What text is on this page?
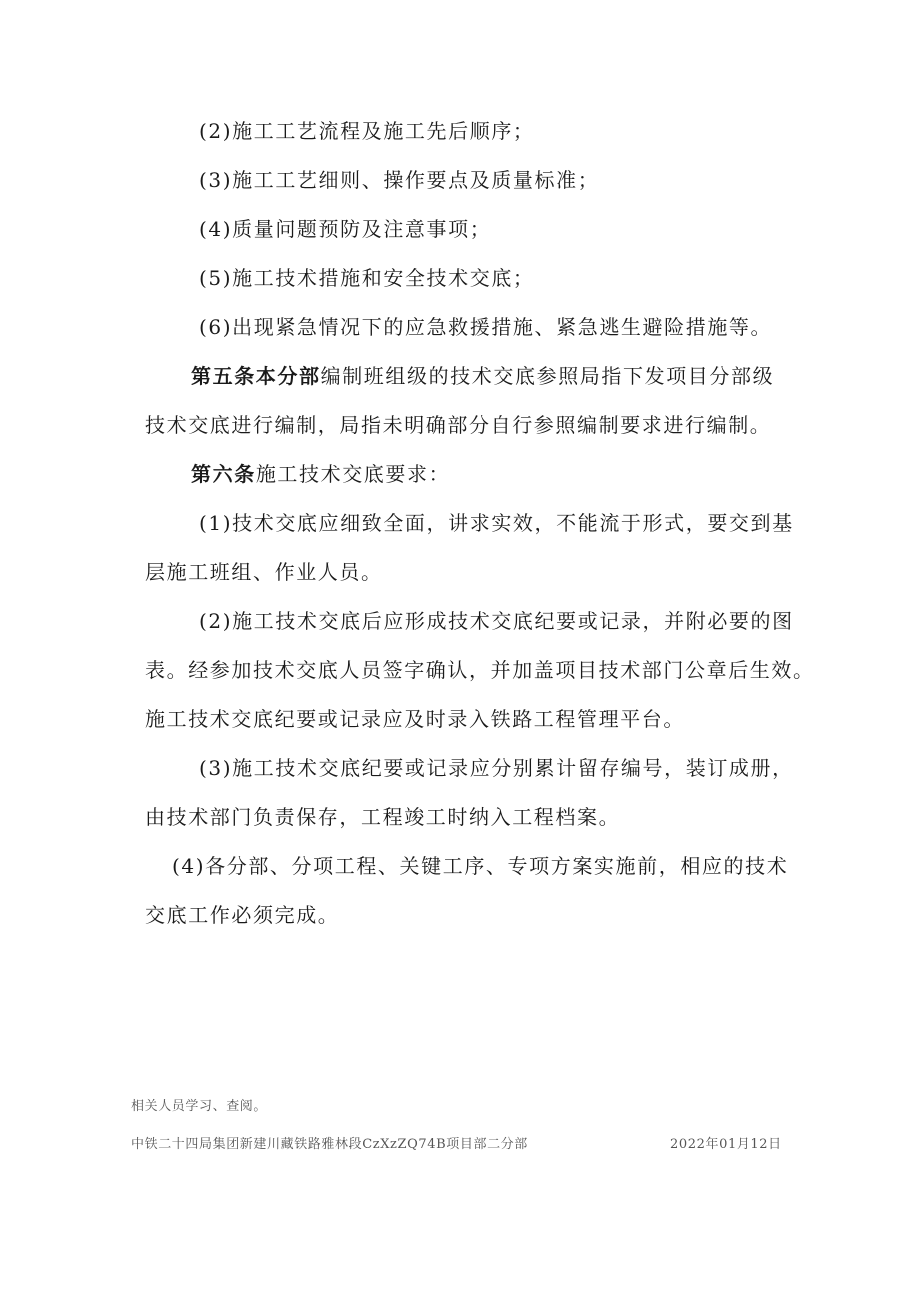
(2)施工工艺流程及施工先后顺序；
(3)施工工艺细则、操作要点及质量标准；
(4)质量问题预防及注意事项；
(5)施工技术措施和安全技术交底；
(6)出现紧急情况下的应急救援措施、紧急逃生避险措施等。
第五条本分部编制班组级的技术交底参照局指下发项目分部级
技术交底进行编制，局指未明确部分自行参照编制要求进行编制。
第六条施工技术交底要求：
(1)技术交底应细致全面，讲求实效，不能流于形式，要交到基
层施工班组、作业人员。
(2)施工技术交底后应形成技术交底纪要或记录，并附必要的图
表。经参加技术交底人员签字确认，并加盖项目技术部门公章后生效。
施工技术交底纪要或记录应及时录入铁路工程管理平台。
(3)施工技术交底纪要或记录应分别累计留存编号，装订成册，
由技术部门负责保存，工程竣工时纳入工程档案。
(4)各分部、分项工程、关键工序、专项方案实施前，相应的技术
交底工作必须完成。
相关人员学习、查阅。
中铁二十四局集团新建川藏铁路雅林段CzXzZQ74B项目部二分部	2022年01月12日
